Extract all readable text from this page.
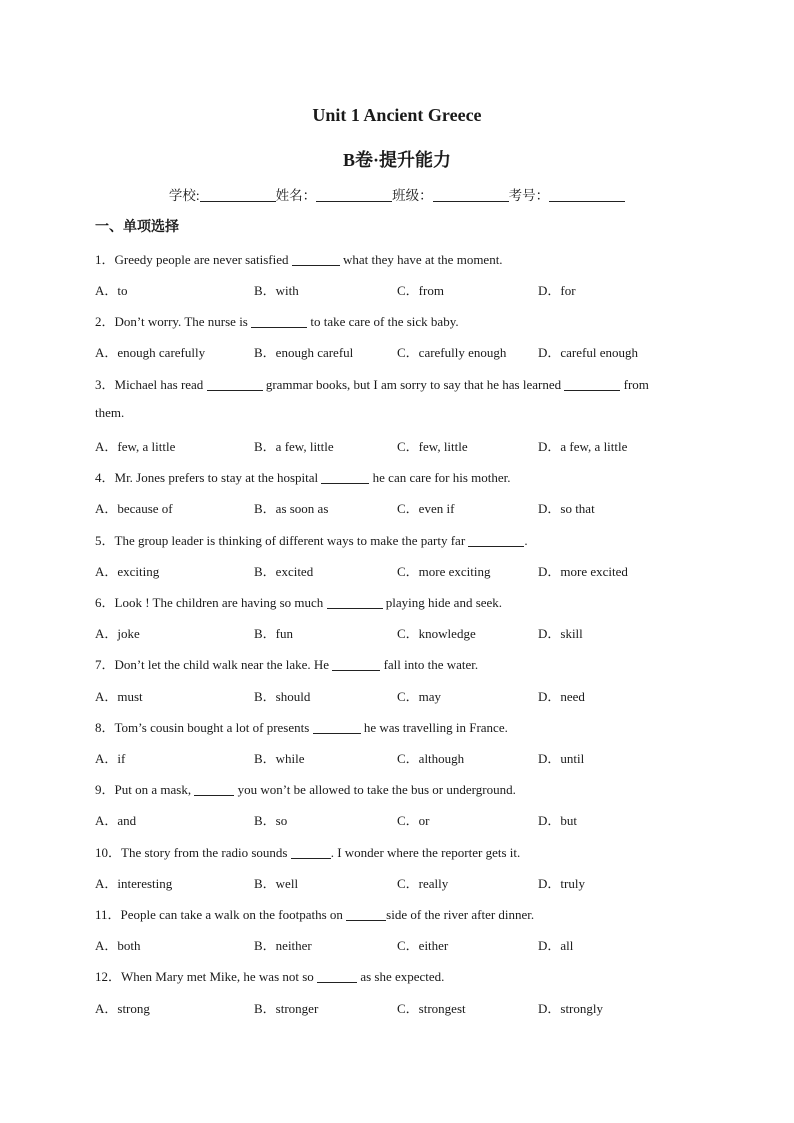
Unit 1 Ancient Greece
B卷·提升能力
学校:	姓名：	班级：	考号：
一、单项选择
1．Greedy people are never satisfied	what they have at the moment.
A．to	B．with	C．from	D．for
2．Don’t worry. The nurse is	to take care of the sick baby.
A．enough carefully	B．enough careful	C．carefully enough D．careful enough
3．Michael has read	grammar books, but I am sorry to say that he has learned	from
them.
A．few, a little	B．a few, little	C．few, little	D．a few, a little
4．Mr. Jones prefers to stay at the hospital	he can care for his mother.
A．because of	B．as soon as	C．even if	D．so that
5．The group leader is thinking of different ways to make the party far	.
A．exciting	B．excited	C．more exciting	D．more excited
6．Look ! The children are having so much	playing hide and seek.
A．joke	B．fun	C．knowledge	D．skill
7．Don’t let the child walk near the lake. He	fall into the water.
A．must	B．should	C．may	D．need
8．Tom’s cousin bought a lot of presents	he was travelling in France.
A．if	B．while	C．although	D．until
9．Put on a mask,	you won’t be allowed to take the bus or underground.
A．and	B．so	C．or	D．but
10．The story from the radio sounds	. I wonder where the reporter gets it.
A．interesting	B．well	C．really	D．truly
11．People can take a walk on the footpaths on	side of the river after dinner.
A．both	B．neither	C．either	D．all
12．When Mary met Mike, he was not so	as she expected.
A．strong	B．stronger	C．strongest	D．strongly
